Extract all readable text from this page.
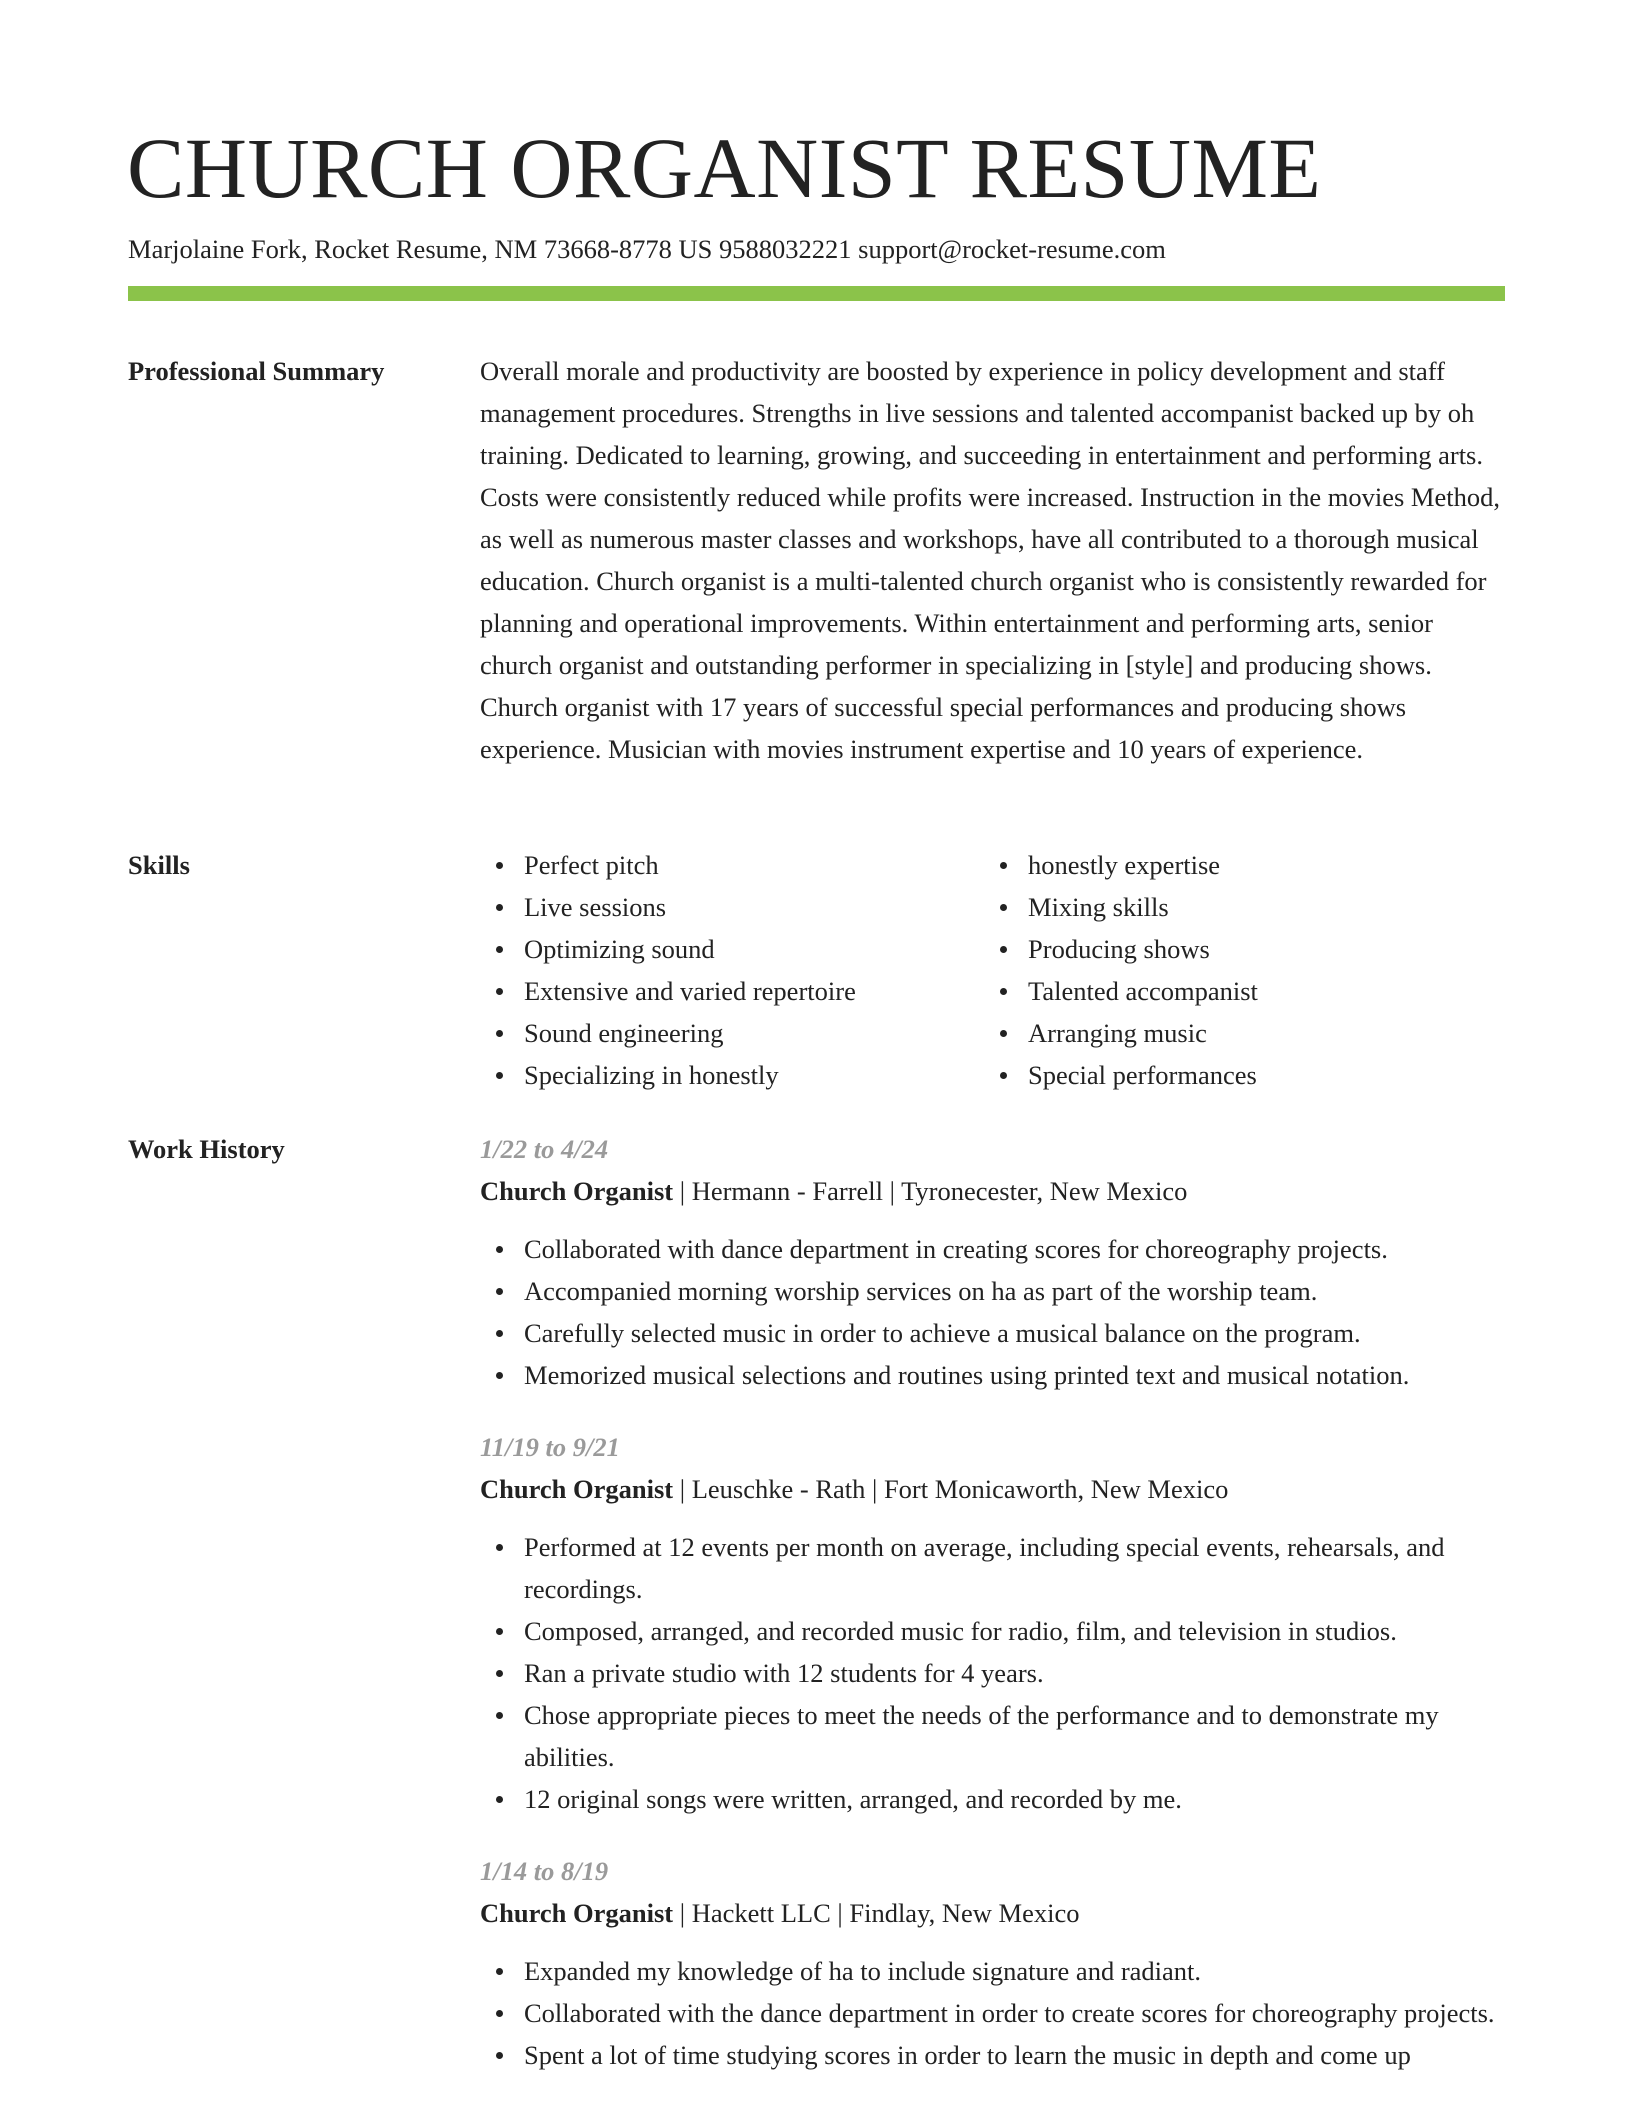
CHURCH ORGANIST RESUME
Marjolaine Fork, Rocket Resume, NM 73668-8778 US 9588032221 support@rocket-resume.com
Professional Summary	Overall morale and productivity are boosted by experience in policy development and staff management procedures. Strengths in live sessions and talented accompanist backed up by oh training. Dedicated to learning, growing, and succeeding in entertainment and performing arts. Costs were consistently reduced while profits were increased. Instruction in the movies Method, as well as numerous master classes and workshops, have all contributed to a thorough musical education. Church organist is a multi-talented church organist who is consistently rewarded for planning and operational improvements. Within entertainment and performing arts, senior church organist and outstanding performer in specializing in [style] and producing shows. Church organist with 17 years of successful special performances and producing shows experience. Musician with movies instrument expertise and 10 years of experience.

Skills	Perfect pitch
Live sessions
Optimizing sound
Extensive and varied repertoire
Sound engineering
Specializing in honestly
honestly expertise
Mixing skills
Producing shows
Talented accompanist
Arranging music
Special performances
Work History	1/22 to 4/24
Church Organist | Hermann - Farrell | Tyronecester, New Mexico
Collaborated with dance department in creating scores for choreography projects.
Accompanied morning worship services on ha as part of the worship team.
Carefully selected music in order to achieve a musical balance on the program.
Memorized musical selections and routines using printed text and musical notation.
11/19 to 9/21
Church Organist | Leuschke - Rath | Fort Monicaworth, New Mexico
Performed at 12 events per month on average, including special events, rehearsals, and recordings.
Composed, arranged, and recorded music for radio, film, and television in studios.
Ran a private studio with 12 students for 4 years.
Chose appropriate pieces to meet the needs of the performance and to demonstrate my abilities.
12 original songs were written, arranged, and recorded by me.
1/14 to 8/19
Church Organist | Hackett LLC | Findlay, New Mexico
Expanded my knowledge of ha to include signature and radiant.
Collaborated with the dance department in order to create scores for choreography projects.
Spent a lot of time studying scores in order to learn the music in depth and come up
